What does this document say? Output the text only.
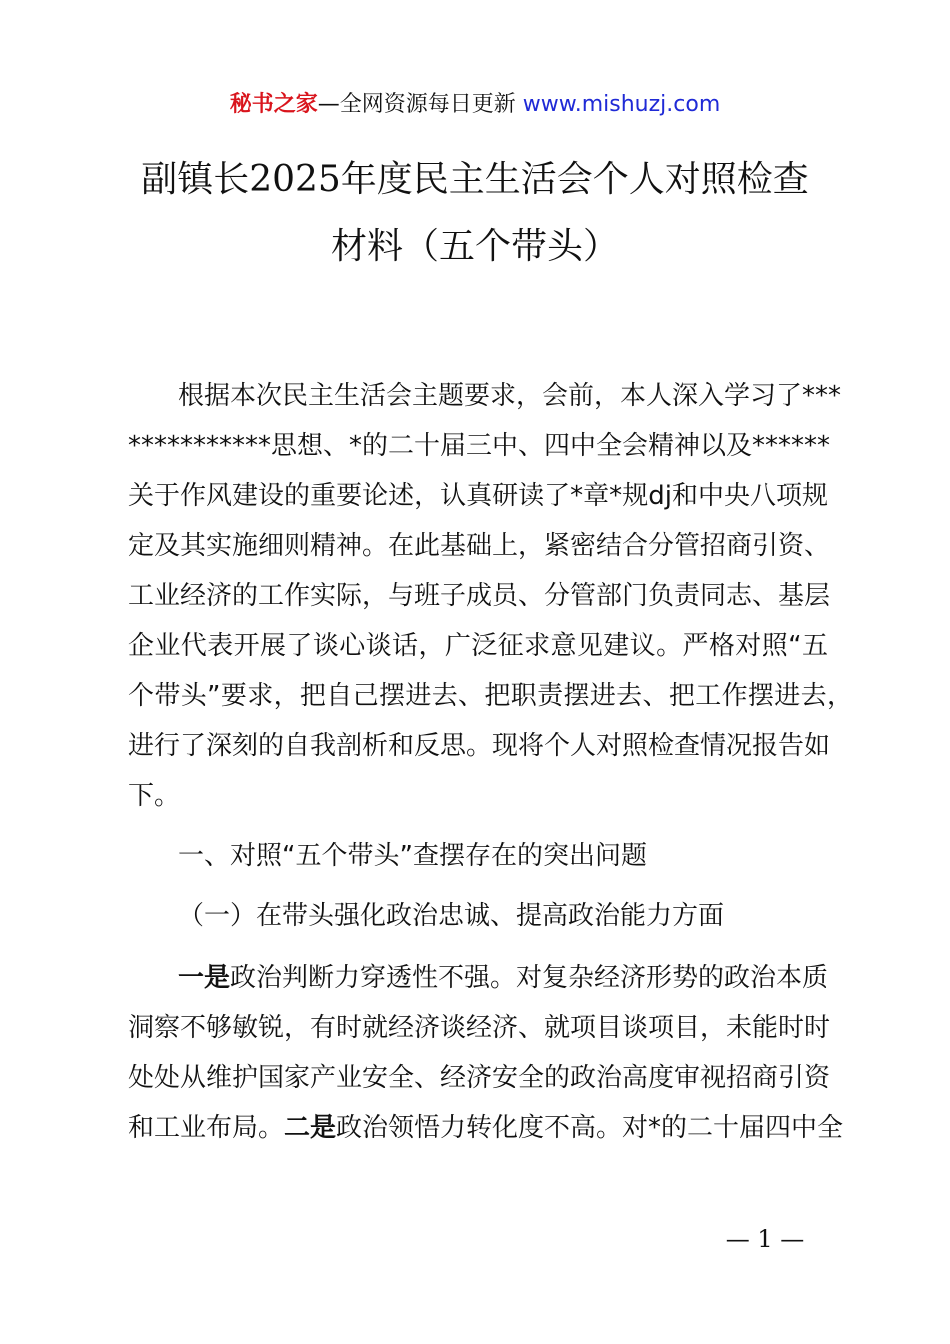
秘书之家—全网资源每日更新 www.mishuzj.com
副镇长2025年度民主生活会个人对照检查
材料（五个带头）
根据本次民主生活会主题要求，会前，本人深入学习了***
***********思想、*的二十届三中、四中全会精神以及******
关于作风建设的重要论述，认真研读了*章*规dj和中央八项规
定及其实施细则精神。在此基础上，紧密结合分管招商引资、
工业经济的工作实际，与班子成员、分管部门负责同志、基层
企业代表开展了谈心谈话，广泛征求意见建议。严格对照“五
个带头”要求，把自己摆进去、把职责摆进去、把工作摆进去，
进行了深刻的自我剖析和反思。现将个人对照检查情况报告如
下。
一、对照“五个带头”查摆存在的突出问题
（一）在带头强化政治忠诚、提高政治能力方面
一是政治判断力穿透性不强。对复杂经济形势的政治本质
洞察不够敏锐，有时就经济谈经济、就项目谈项目，未能时时
处处从维护国家产业安全、经济安全的政治高度审视招商引资
和工业布局。二是政治领悟力转化度不高。对*的二十届四中全
— 1 —
